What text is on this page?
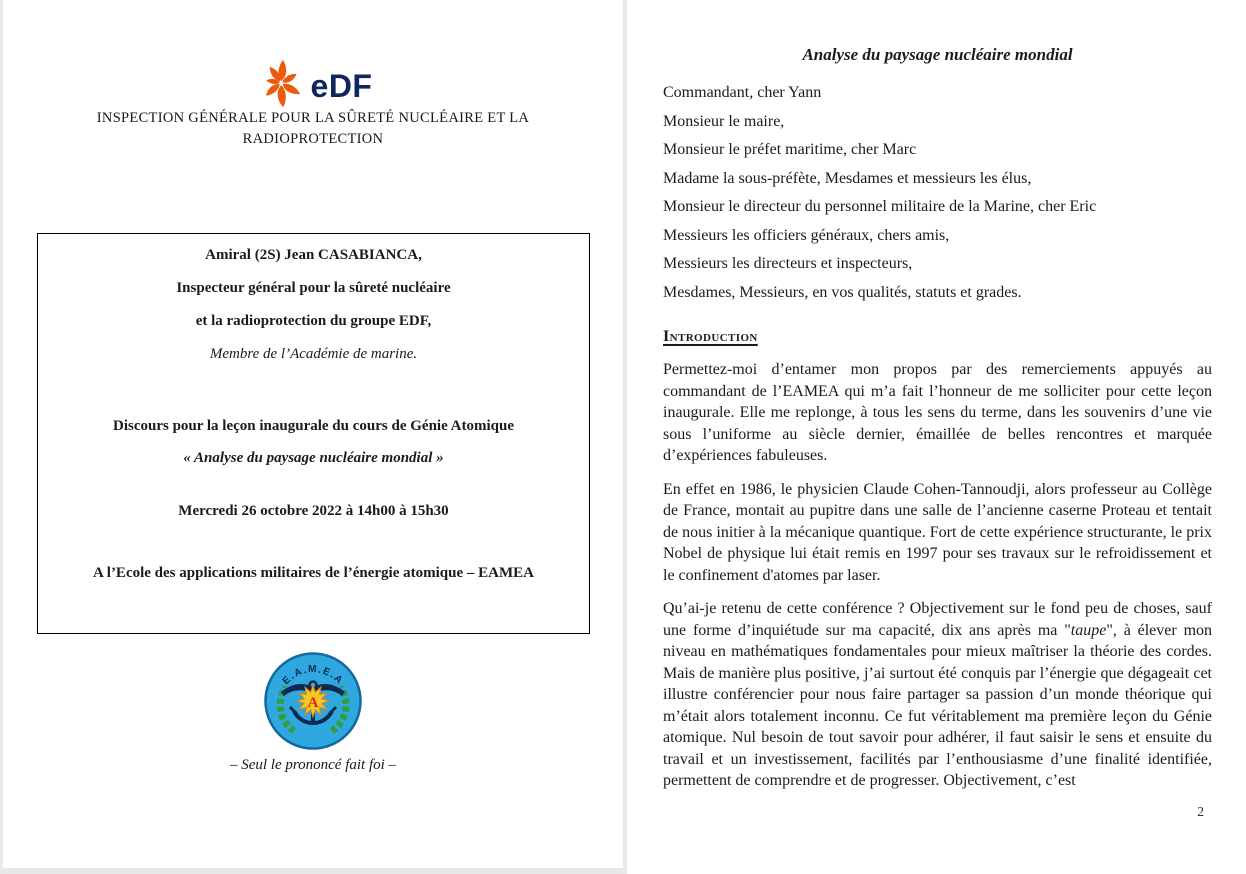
eDF
INSPECTION GÉNÉRALE POUR LA SÛRETÉ NUCLÉAIRE ET LA RADIOPROTECTION

Amiral (2S) Jean CASABIANCA,

Inspecteur général pour la sûreté nucléaire

et la radioprotection du groupe EDF,

Membre de l’Académie de marine.

Discours pour la leçon inaugurale du cours de Génie Atomique

« Analyse du paysage nucléaire mondial »

Mercredi 26 octobre 2022 à 14h00 à 15h30

A l’Ecole des applications militaires de l’énergie atomique – EAMEA

A
E.A.M.E.A
– Seul le prononcé fait foi –
Analyse du paysage nucléaire mondial

Commandant, cher Yann

Monsieur le maire,

Monsieur le préfet maritime, cher Marc

Madame la sous-préfète, Mesdames et messieurs les élus,

Monsieur le directeur du personnel militaire de la Marine, cher Eric

Messieurs les officiers généraux, chers amis,

Messieurs les directeurs et inspecteurs,

Mesdames, Messieurs, en vos qualités, statuts et grades.

Introduction

Permettez-moi d’entamer mon propos par des remerciements appuyés au commandant de l’EAMEA qui m’a fait l’honneur de me solliciter pour cette leçon inaugurale. Elle me replonge, à tous les sens du terme, dans les souvenirs d’une vie sous l’uniforme au siècle dernier, émaillée de belles rencontres et marquée d’expériences fabuleuses.

En effet en 1986, le physicien Claude Cohen-Tannoudji, alors professeur au Collège de France, montait au pupitre dans une salle de l’ancienne caserne Proteau et tentait de nous initier à la mécanique quantique. Fort de cette expérience structurante, le prix Nobel de physique lui était remis en 1997 pour ses travaux sur le refroidissement et le confinement d'atomes par laser.

Qu’ai-je retenu de cette conférence ? Objectivement sur le fond peu de choses, sauf une forme d’inquiétude sur ma capacité, dix ans après ma "taupe", à élever mon niveau en mathématiques fondamentales pour mieux maîtriser la théorie des cordes. Mais de manière plus positive, j’ai surtout été conquis par l’énergie que dégageait cet illustre conférencier pour nous faire partager sa passion d’un monde théorique qui m’était alors totalement inconnu. Ce fut véritablement ma première leçon du Génie atomique. Nul besoin de tout savoir pour adhérer, il faut saisir le sens et ensuite du travail et un investissement, facilités par l’enthousiasme d’une finalité identifiée, permettent de comprendre et de progresser. Objectivement, c’est

2
